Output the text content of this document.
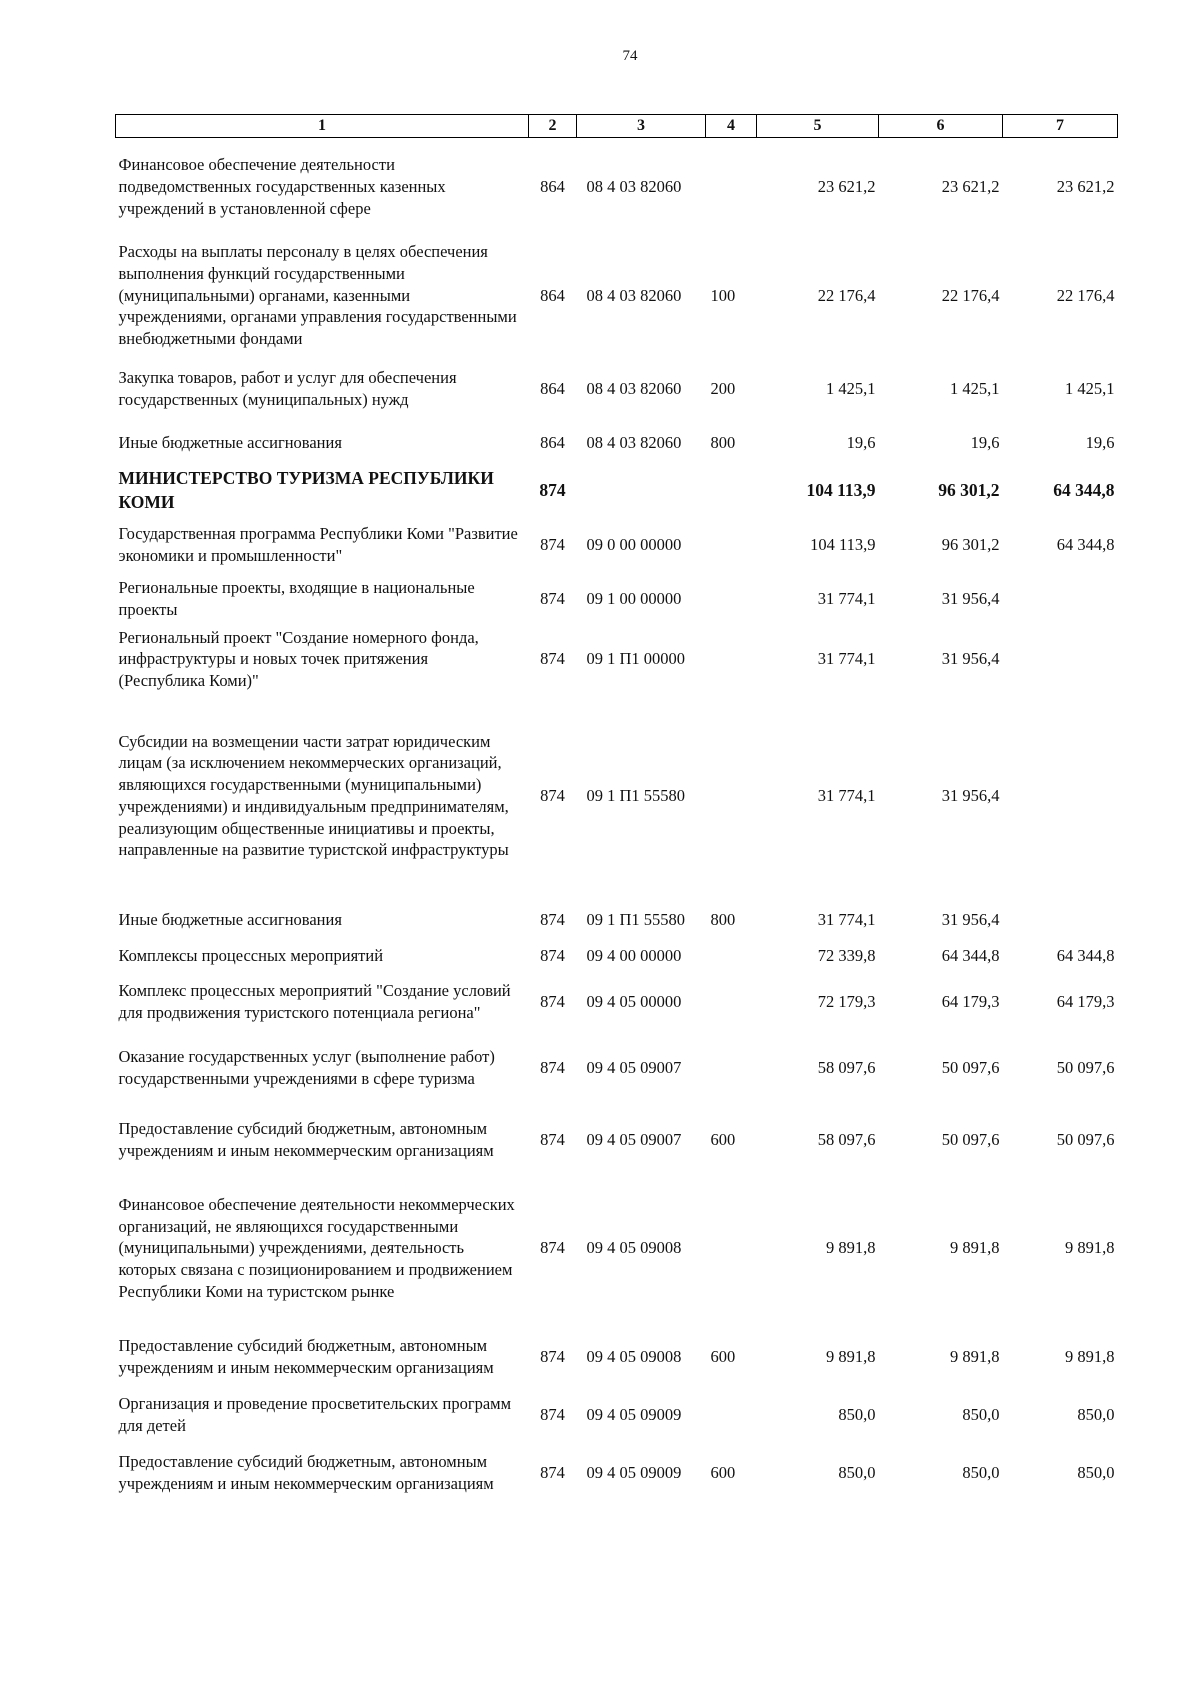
74
1	2	3	4	5	6	7
Финансовое обеспечение деятельности подведомственных государственных казенных учреждений в установленной сфере	864	08 4 03 82060		23 621,2	23 621,2	23 621,2
Расходы на выплаты персоналу в целях обеспечения выполнения функций государственными (муниципальными) органами, казенными учреждениями, органами управления государственными внебюджетными фондами	864	08 4 03 82060	100	22 176,4	22 176,4	22 176,4
Закупка товаров, работ и услуг для обеспечения государственных (муниципальных) нужд	864	08 4 03 82060	200	1 425,1	1 425,1	1 425,1
Иные бюджетные ассигнования	864	08 4 03 82060	800	19,6	19,6	19,6
МИНИСТЕРСТВО ТУРИЗМА РЕСПУБЛИКИ КОМИ	874			104 113,9	96 301,2	64 344,8
Государственная программа Республики Коми "Развитие экономики и промышленности"	874	09 0 00 00000		104 113,9	96 301,2	64 344,8
Региональные проекты, входящие в национальные проекты	874	09 1 00 00000		31 774,1	31 956,4	
Региональный проект "Создание номерного фонда, инфраструктуры и новых точек притяжения (Республика Коми)"	874	09 1 П1 00000		31 774,1	31 956,4	
Субсидии на возмещении части затрат юридическим лицам (за исключением некоммерческих организаций, являющихся государственными (муниципальными) учреждениями) и индивидуальным предпринимателям, реализующим общественные инициативы и проекты, направленные на развитие туристской инфраструктуры	874	09 1 П1 55580		31 774,1	31 956,4	
Иные бюджетные ассигнования	874	09 1 П1 55580	800	31 774,1	31 956,4	
Комплексы процессных мероприятий	874	09 4 00 00000		72 339,8	64 344,8	64 344,8
Комплекс процессных мероприятий "Создание условий для продвижения туристского потенциала региона"	874	09 4 05 00000		72 179,3	64 179,3	64 179,3
Оказание государственных услуг (выполнение работ) государственными учреждениями в сфере туризма	874	09 4 05 09007		58 097,6	50 097,6	50 097,6
Предоставление субсидий бюджетным, автономным учреждениям и иным некоммерческим организациям	874	09 4 05 09007	600	58 097,6	50 097,6	50 097,6
Финансовое обеспечение деятельности некоммерческих организаций, не являющихся государственными (муниципальными) учреждениями, деятельность которых связана с позиционированием и продвижением Республики Коми на туристском рынке	874	09 4 05 09008		9 891,8	9 891,8	9 891,8
Предоставление субсидий бюджетным, автономным учреждениям и иным некоммерческим организациям	874	09 4 05 09008	600	9 891,8	9 891,8	9 891,8
Организация и проведение просветительских программ для детей	874	09 4 05 09009		850,0	850,0	850,0
Предоставление субсидий бюджетным, автономным учреждениям и иным некоммерческим организациям	874	09 4 05 09009	600	850,0	850,0	850,0
